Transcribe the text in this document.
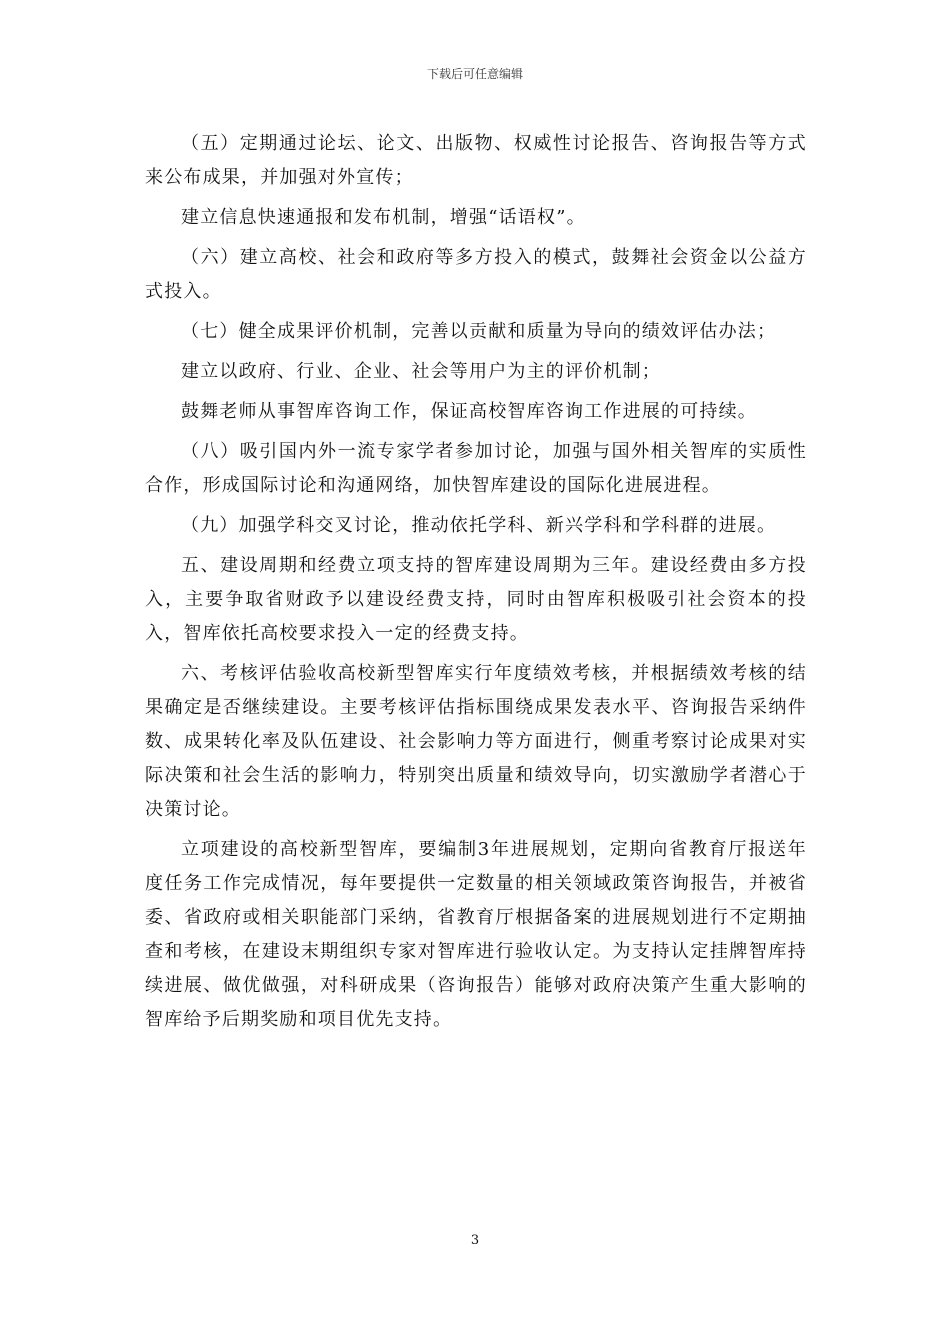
下载后可任意编辑

（五）定期通过论坛、论文、出版物、权威性讨论报告、咨询报告等方式来公布成果，并加强对外宣传；

建立信息快速通报和发布机制，增强“话语权”。

（六）建立高校、社会和政府等多方投入的模式，鼓舞社会资金以公益方式投入。

（七）健全成果评价机制，完善以贡献和质量为导向的绩效评估办法；

建立以政府、行业、企业、社会等用户为主的评价机制；

鼓舞老师从事智库咨询工作，保证高校智库咨询工作进展的可持续。

（八）吸引国内外一流专家学者参加讨论，加强与国外相关智库的实质性合作，形成国际讨论和沟通网络，加快智库建设的国际化进展进程。

（九）加强学科交叉讨论，推动依托学科、新兴学科和学科群的进展。

五、建设周期和经费立项支持的智库建设周期为三年。建设经费由多方投入，主要争取省财政予以建设经费支持，同时由智库积极吸引社会资本的投入，智库依托高校要求投入一定的经费支持。

六、考核评估验收高校新型智库实行年度绩效考核，并根据绩效考核的结果确定是否继续建设。主要考核评估指标围绕成果发表水平、咨询报告采纳件数、成果转化率及队伍建设、社会影响力等方面进行，侧重考察讨论成果对实际决策和社会生活的影响力，特别突出质量和绩效导向，切实激励学者潜心于决策讨论。

立项建设的高校新型智库，要编制3年进展规划，定期向省教育厅报送年度任务工作完成情况，每年要提供一定数量的相关领域政策咨询报告，并被省委、省政府或相关职能部门采纳，省教育厅根据备案的进展规划进行不定期抽查和考核，在建设末期组织专家对智库进行验收认定。为支持认定挂牌智库持续进展、做优做强，对科研成果（咨询报告）能够对政府决策产生重大影响的智库给予后期奖励和项目优先支持。

3
